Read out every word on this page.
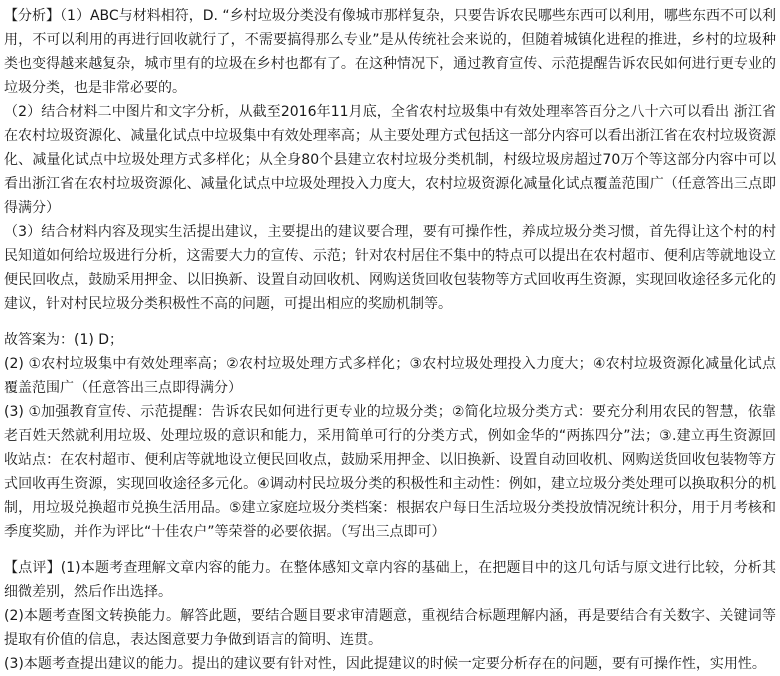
【分析】（1）ABC与材料相符，D. “乡村垃圾分类没有像城市那样复杂，只要告诉农民哪些东西可以利用，哪些东西不可以利用，不可以利用的再进行回收就行了，不需要搞得那么专业”是从传统社会来说的，但随着城镇化进程的推进，乡村的垃圾种类也变得越来越复杂，城市里有的垃圾在乡村也都有了。在这种情况下，通过教育宣传、示范提醒告诉农民如何进行更专业的垃圾分类，也是非常必要的。

（2）结合材料二中图片和文字分析，从截至2016年11月底，全省农村垃圾集中有效处理率答百分之八十六可以看出 浙江省在农村垃圾资源化、减量化试点中垃圾集中有效处理率高；从主要处理方式包括这一部分内容可以看出浙江省在农村垃圾资源化、减量化试点中垃圾处理方式多样化；从全身80个县建立农村垃圾分类机制，村级垃圾房超过70万个等这部分内容中可以看出浙江省在农村垃圾资源化、减量化试点中垃圾处理投入力度大，农村垃圾资源化减量化试点覆盖范围广（任意答出三点即得满分）

（3）结合材料内容及现实生活提出建议，主要提出的建议要合理，要有可操作性，养成垃圾分类习惯，首先得让这个村的村民知道如何给垃圾进行分析，这需要大力的宣传、示范；针对农村居住不集中的特点可以提出在农村超市、便利店等就地设立便民回收点，鼓励采用押金、以旧换新、设置自动回收机、网购送货回收包装物等方式回收再生资源，实现回收途径多元化的建议，针对村民垃圾分类积极性不高的问题，可提出相应的奖励机制等。

故答案为：(1) D；

(2) ①农村垃圾集中有效处理率高；②农村垃圾处理方式多样化；③农村垃圾处理投入力度大；④农村垃圾资源化减量化试点覆盖范围广（任意答出三点即得满分）

(3) ①加强教育宣传、示范提醒：告诉农民如何进行更专业的垃圾分类；②简化垃圾分类方式：要充分利用农民的智慧，依靠老百姓天然就利用垃圾、处理垃圾的意识和能力，采用简单可行的分类方式，例如金华的“两拣四分”法；③.建立再生资源回收站点：在农村超市、便利店等就地设立便民回收点，鼓励采用押金、以旧换新、设置自动回收机、网购送货回收包装物等方式回收再生资源，实现回收途径多元化。④调动村民垃圾分类的积极性和主动性：例如，建立垃圾分类处理可以换取积分的机制，用垃圾兑换超市兑换生活用品。⑤建立家庭垃圾分类档案：根据农户每日生活垃圾分类投放情况统计积分，用于月考核和季度奖励，并作为评比“十佳农户”等荣誉的必要依据。（写出三点即可）

【点评】(1)本题考查理解文章内容的能力。在整体感知文章内容的基础上，在把题目中的这几句话与原文进行比较，分析其细微差别，然后作出选择。

(2)本题考查图文转换能力。解答此题，要结合题目要求审清题意，重视结合标题理解内涵，再是要结合有关数字、关键词等提取有价值的信息，表达图意要力争做到语言的简明、连贯。

(3)本题考查提出建议的能力。提出的建议要有针对性，因此提建议的时候一定要分析存在的问题，要有可操作性，实用性。
